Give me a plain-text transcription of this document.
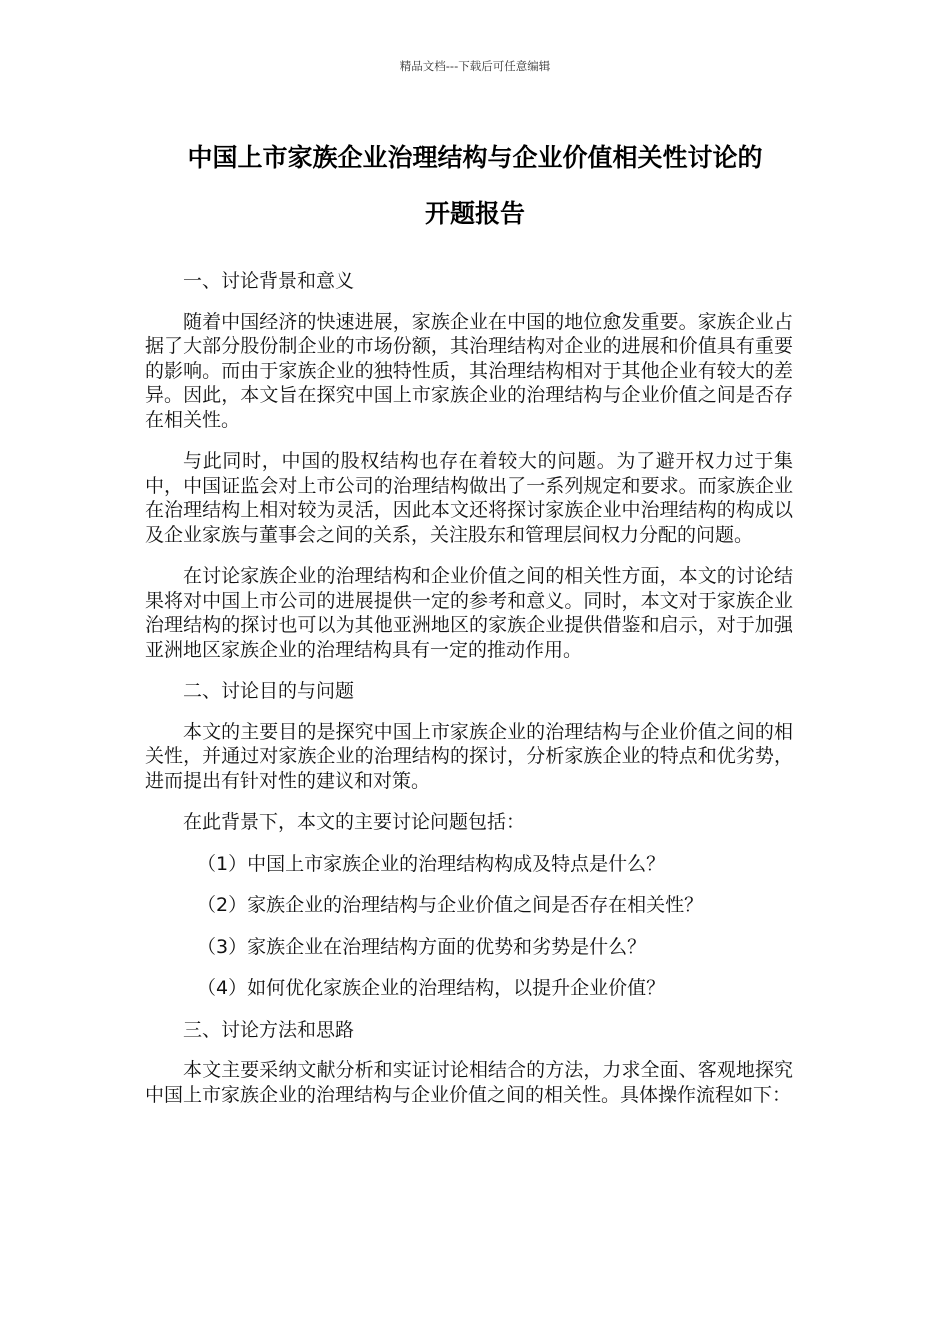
精品文档---下载后可任意编辑
中国上市家族企业治理结构与企业价值相关性讨论的
开题报告

一、讨论背景和意义

随着中国经济的快速进展，家族企业在中国的地位愈发重要。家族企业占据了大部分股份制企业的市场份额，其治理结构对企业的进展和价值具有重要的影响。而由于家族企业的独特性质，其治理结构相对于其他企业有较大的差异。因此，本文旨在探究中国上市家族企业的治理结构与企业价值之间是否存在相关性。

与此同时，中国的股权结构也存在着较大的问题。为了避开权力过于集中，中国证监会对上市公司的治理结构做出了一系列规定和要求。而家族企业在治理结构上相对较为灵活，因此本文还将探讨家族企业中治理结构的构成以及企业家族与董事会之间的关系，关注股东和管理层间权力分配的问题。

在讨论家族企业的治理结构和企业价值之间的相关性方面，本文的讨论结果将对中国上市公司的进展提供一定的参考和意义。同时，本文对于家族企业治理结构的探讨也可以为其他亚洲地区的家族企业提供借鉴和启示，对于加强亚洲地区家族企业的治理结构具有一定的推动作用。

二、讨论目的与问题

本文的主要目的是探究中国上市家族企业的治理结构与企业价值之间的相关性，并通过对家族企业的治理结构的探讨，分析家族企业的特点和优劣势，进而提出有针对性的建议和对策。

在此背景下，本文的主要讨论问题包括：

（1）中国上市家族企业的治理结构构成及特点是什么？

（2）家族企业的治理结构与企业价值之间是否存在相关性？

（3）家族企业在治理结构方面的优势和劣势是什么？

（4）如何优化家族企业的治理结构，以提升企业价值？

三、讨论方法和思路

本文主要采纳文献分析和实证讨论相结合的方法，力求全面、客观地探究中国上市家族企业的治理结构与企业价值之间的相关性。具体操作流程如下：
